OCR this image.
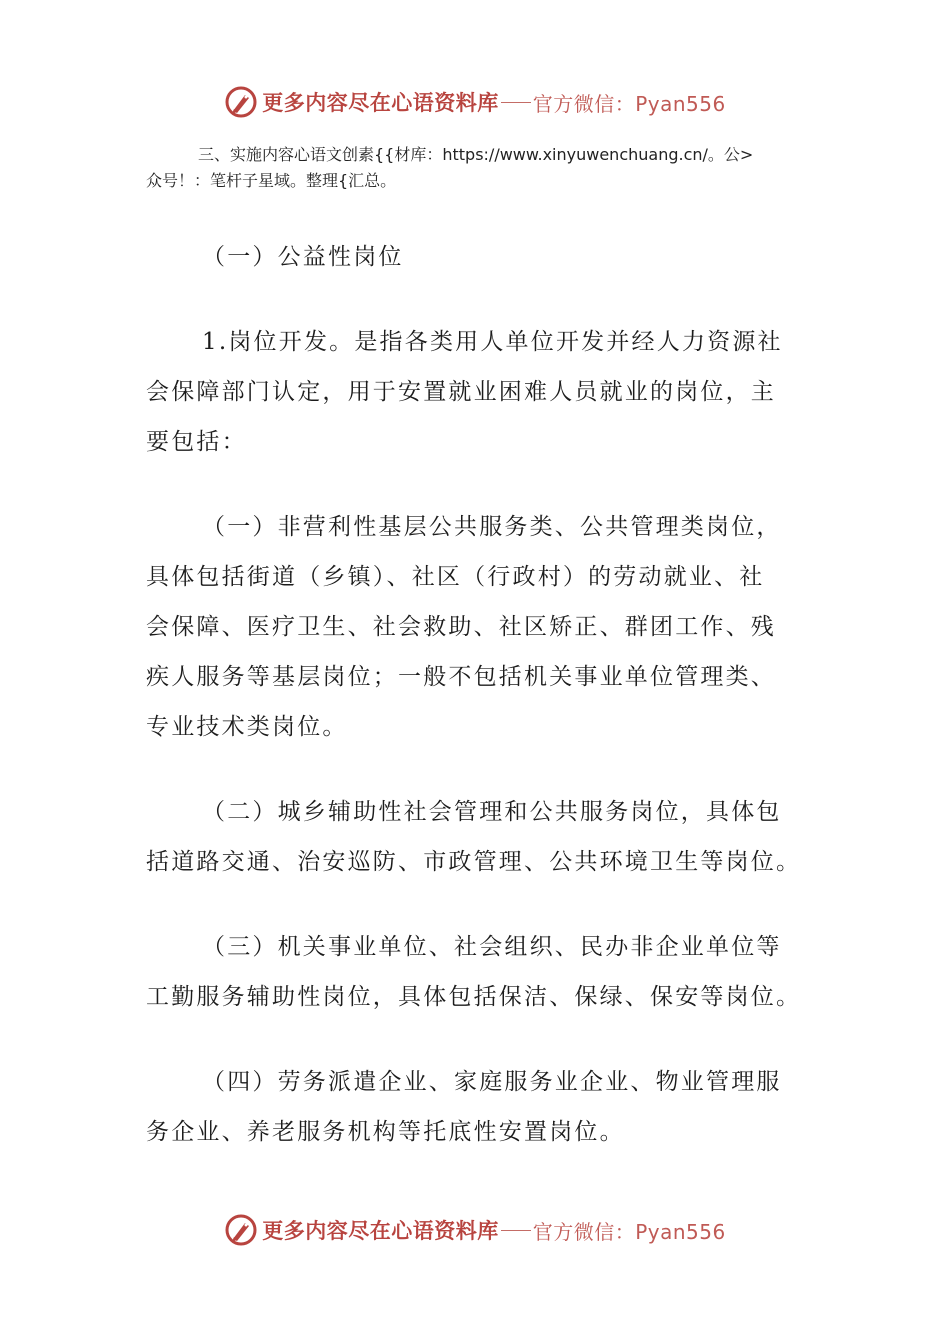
更多内容尽在心语资料库 官方微信：Pyan556
三、实施内容心语文创素{{材库：https://www.xinyuwenchuang.cn/。公>
众号！：笔杆子星域。整理{汇总。
（一）公益性岗位
1.岗位开发。是指各类用人单位开发并经人力资源社
会保障部门认定，用于安置就业困难人员就业的岗位，主
要包括：
（一）非营利性基层公共服务类、公共管理类岗位，
具体包括街道（乡镇）、社区（行政村）的劳动就业、社
会保障、医疗卫生、社会救助、社区矫正、群团工作、残
疾人服务等基层岗位；一般不包括机关事业单位管理类、
专业技术类岗位。
（二）城乡辅助性社会管理和公共服务岗位，具体包
括道路交通、治安巡防、市政管理、公共环境卫生等岗位。
（三）机关事业单位、社会组织、民办非企业单位等
工勤服务辅助性岗位，具体包括保洁、保绿、保安等岗位。
（四）劳务派遣企业、家庭服务业企业、物业管理服
务企业、养老服务机构等托底性安置岗位。
更多内容尽在心语资料库 官方微信：Pyan556
